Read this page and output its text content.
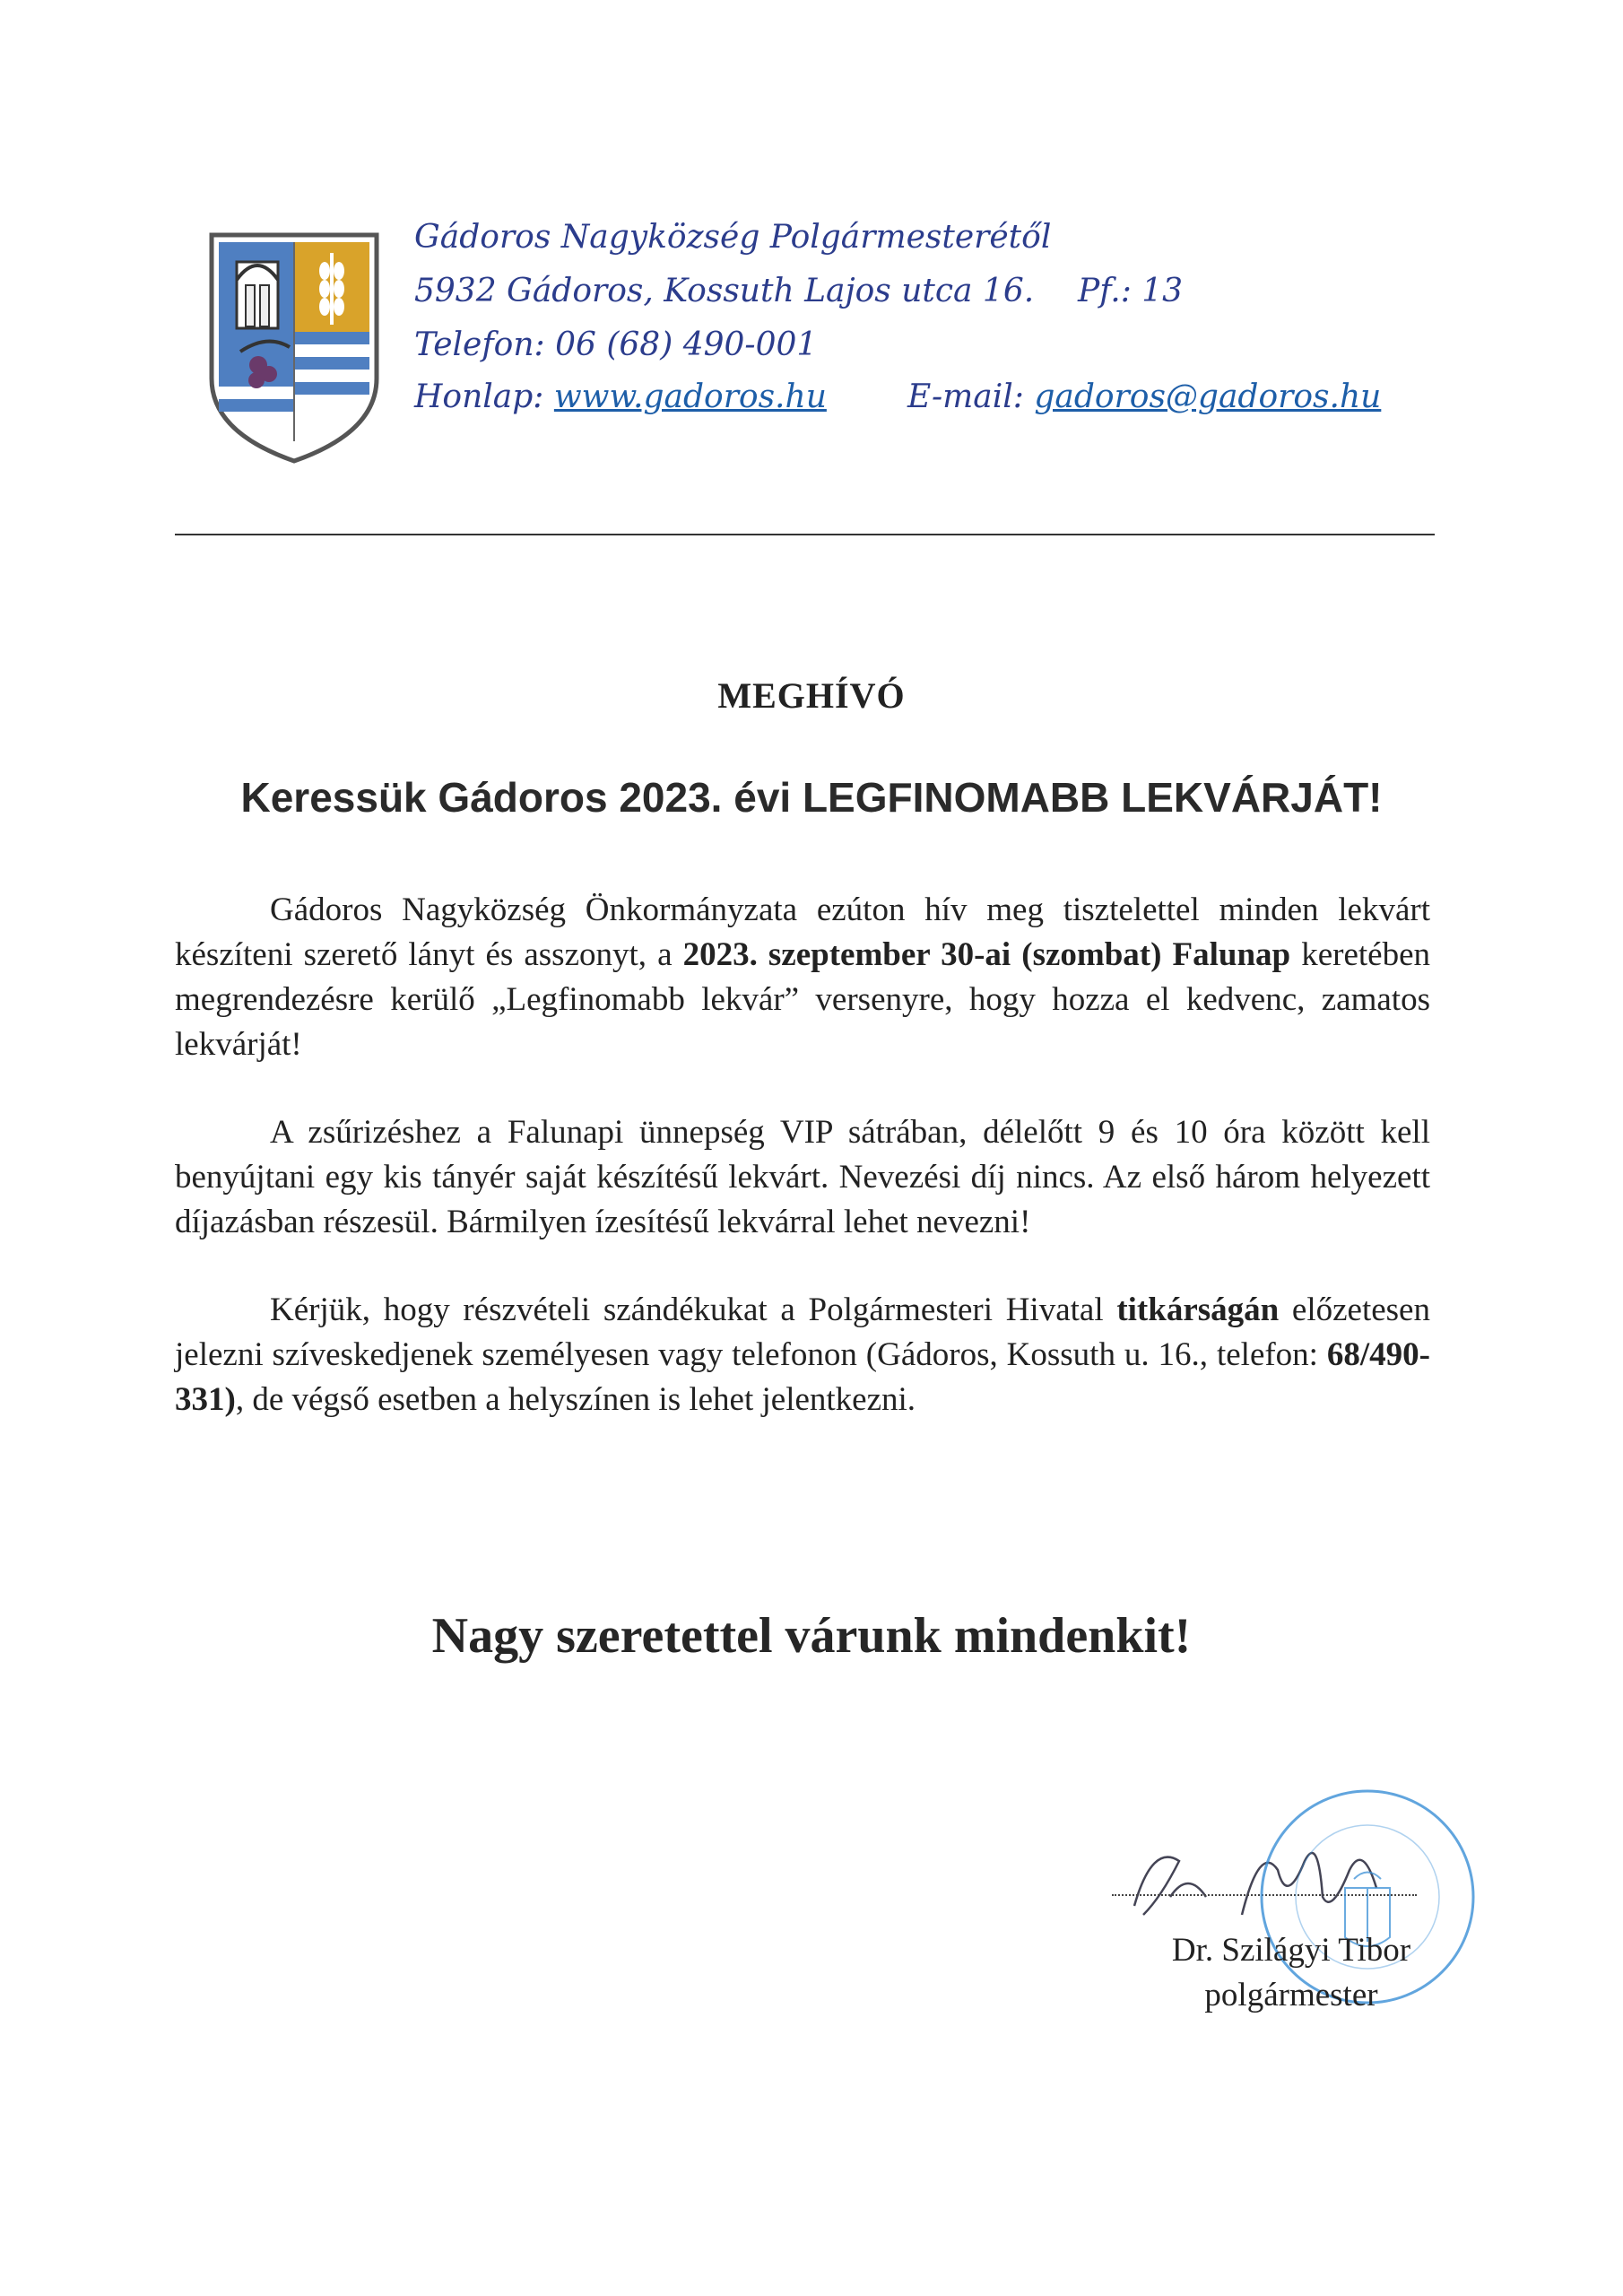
Gádoros Nagyközség Polgármesterétől
5932 Gádoros, Kossuth Lajos utca 16. Pf.: 13
Telefon: 06 (68) 490-001
Honlap: www.gadoros.hu	E-mail: gadoros@gadoros.hu
MEGHÍVÓ
Keressük Gádoros 2023. évi LEGFINOMABB LEKVÁRJÁT!

Gádoros Nagyközség Önkormányzata ezúton hív meg tisztelettel minden lekvárt készíteni szerető lányt és asszonyt, a 2023. szeptember 30-ai (szombat) Falunap keretében megrendezésre kerülő „Legfinomabb lekvár” versenyre, hogy hozza el kedvenc, zamatos lekvárját!

A zsűrizéshez a Falunapi ünnepség VIP sátrában, délelőtt 9 és 10 óra között kell benyújtani egy kis tányér saját készítésű lekvárt. Nevezési díj nincs. Az első három helyezett díjazásban részesül. Bármilyen ízesítésű lekvárral lehet nevezni!

Kérjük, hogy részvételi szándékukat a Polgármesteri Hivatal titkárságán előzetesen jelezni szíveskedjenek személyesen vagy telefonon (Gádoros, Kossuth u. 16., telefon: 68/490-331), de végső esetben a helyszínen is lehet jelentkezni.

Nagy szeretettel várunk mindenkit!
Dr. Szilágyi Tibor
polgármester
